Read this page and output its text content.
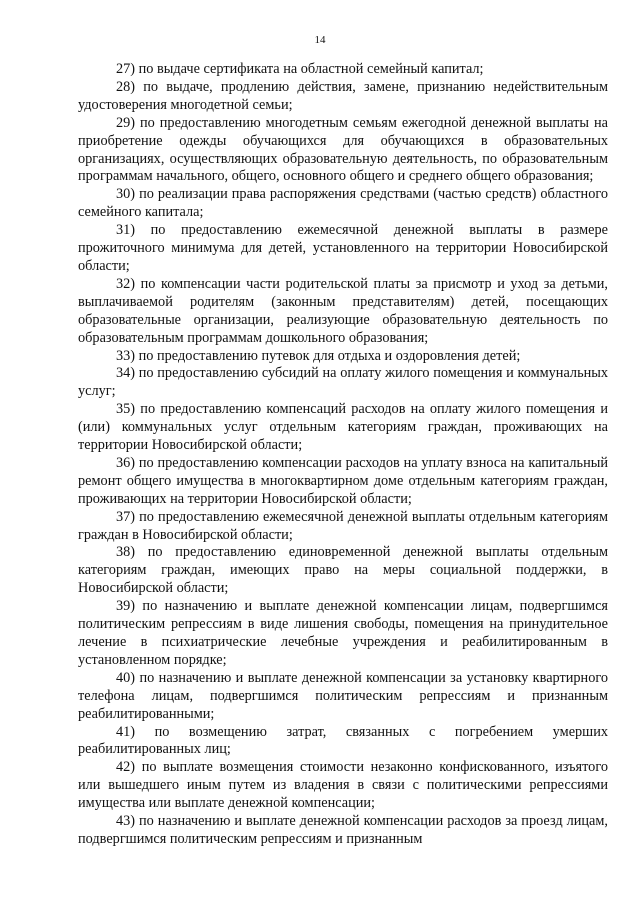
14

27) по выдаче сертификата на областной семейный капитал;

28) по выдаче, продлению действия, замене, признанию недействительным удостоверения многодетной семьи;

29) по предоставлению многодетным семьям ежегодной денежной выплаты на приобретение одежды обучающихся для обучающихся в образовательных организациях, осуществляющих образовательную деятельность, по образовательным программам начального, общего, основного общего и среднего общего образования;

30) по реализации права распоряжения средствами (частью средств) областного семейного капитала;

31) по предоставлению ежемесячной денежной выплаты в размере прожиточного минимума для детей, установленного на территории Новосибирской области;

32) по компенсации части родительской платы за присмотр и уход за детьми, выплачиваемой родителям (законным представителям) детей, посещающих образовательные организации, реализующие образовательную деятельность по образовательным программам дошкольного образования;

33) по предоставлению путевок для отдыха и оздоровления детей;

34) по предоставлению субсидий на оплату жилого помещения и коммунальных услуг;

35) по предоставлению компенсаций расходов на оплату жилого помещения и (или) коммунальных услуг отдельным категориям граждан, проживающих на территории Новосибирской области;

36) по предоставлению компенсации расходов на уплату взноса на капитальный ремонт общего имущества в многоквартирном доме отдельным категориям граждан, проживающих на территории Новосибирской области;

37) по предоставлению ежемесячной денежной выплаты отдельным категориям граждан в Новосибирской области;

38) по предоставлению единовременной денежной выплаты отдельным категориям граждан, имеющих право на меры социальной поддержки, в Новосибирской области;

39) по назначению и выплате денежной компенсации лицам, подвергшимся политическим репрессиям в виде лишения свободы, помещения на принудительное лечение в психиатрические лечебные учреждения и реабилитированным в установленном порядке;

40) по назначению и выплате денежной компенсации за установку квартирного телефона лицам, подвергшимся политическим репрессиям и признанным реабилитированными;

41) по возмещению затрат, связанных с погребением умерших реабилитированных лиц;

42) по выплате возмещения стоимости незаконно конфискованного, изъятого или вышедшего иным путем из владения в связи с политическими репрессиями имущества или выплате денежной компенсации;

43) по назначению и выплате денежной компенсации расходов за проезд лицам, подвергшимся политическим репрессиям и признанным
